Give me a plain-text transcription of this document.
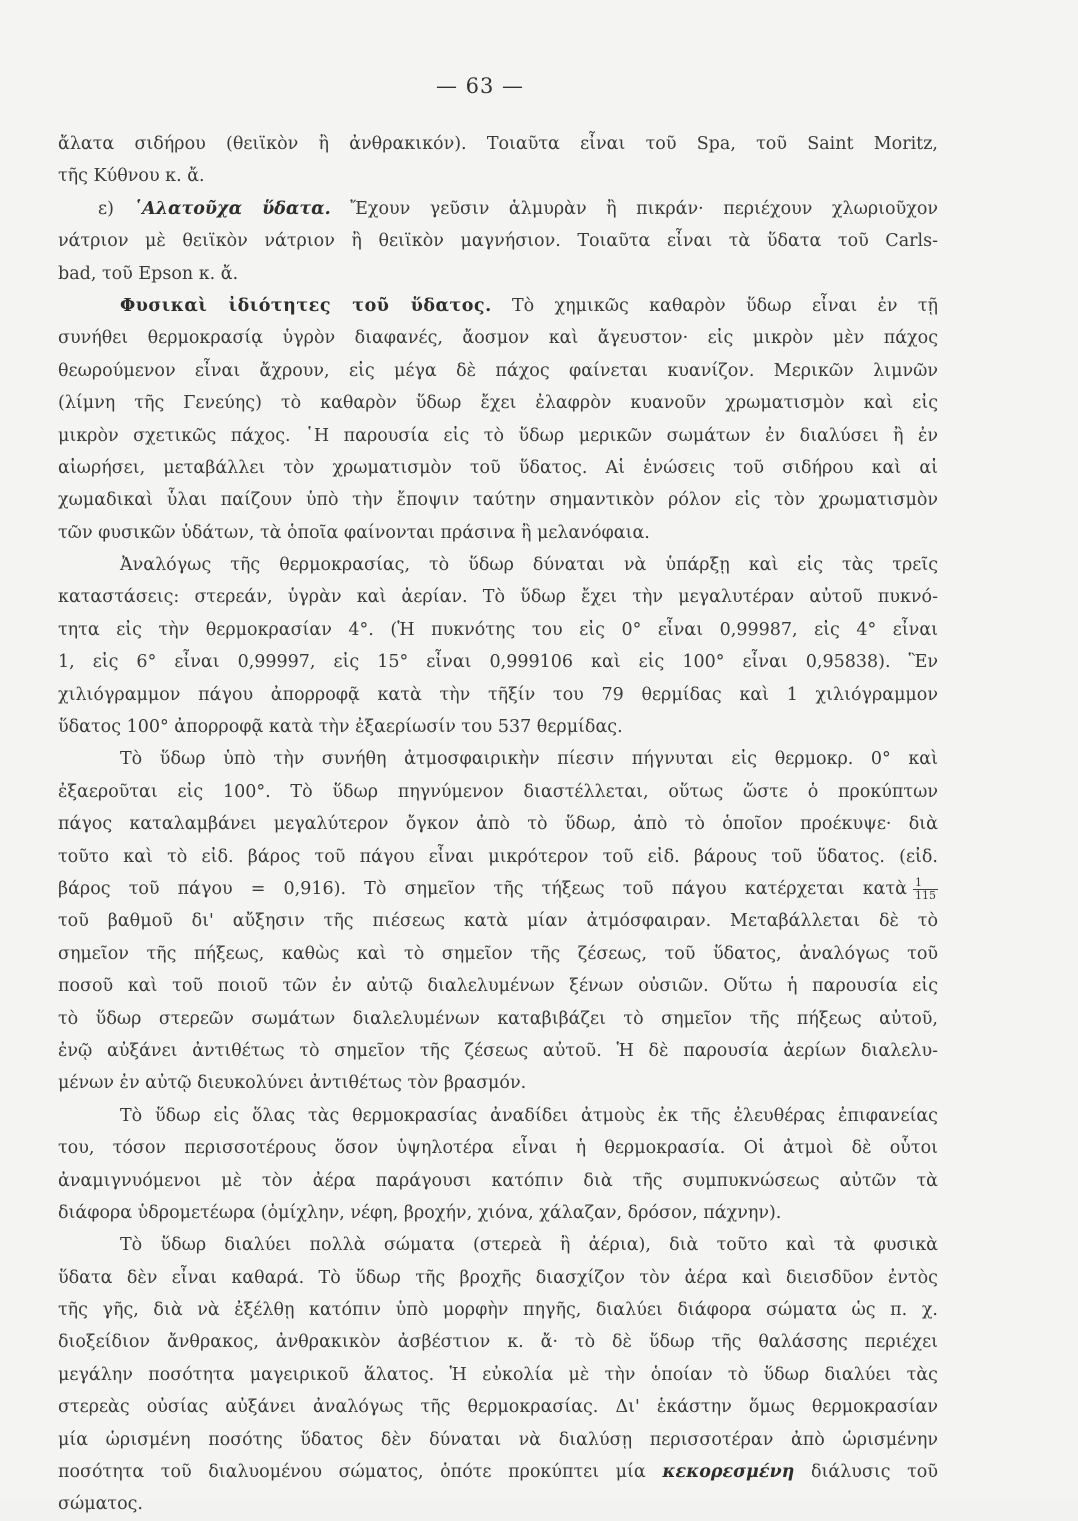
— 63 —
ἄλατα σιδήρου (θειϊκὸν ἢ ἀνθρακικόν). Τοιαῦτα εἶναι τοῦ Spa, τοῦ Saint Moritz,
τῆς Κύθνου κ. ἄ.
ε) ῾Αλατοῦχα ὕδατα. Ἔχουν γεῦσιν ἁλμυρὰν ἢ πικράν· περιέχουν χλωριοῦχον
νάτριον μὲ θειϊκὸν νάτριον ἢ θειϊκὸν μαγνήσιον. Τοιαῦτα εἶναι τὰ ὕδατα τοῦ Carls-
bad, τοῦ Epson κ. ἄ.
Φυσικαὶ ἰδιότητες τοῦ ὕδατος. Τὸ χημικῶς καθαρὸν ὕδωρ εἶναι ἐν τῇ
συνήθει θερμοκρασίᾳ ὑγρὸν διαφανές, ἄοσμον καὶ ἄγευστον· εἰς μικρὸν μὲν πάχος
θεωρούμενον εἶναι ἄχρουν, εἰς μέγα δὲ πάχος φαίνεται κυανίζον. Μερικῶν λιμνῶν
(λίμνη τῆς Γενεύης) τὸ καθαρὸν ὕδωρ ἔχει ἐλαφρὸν κυανοῦν χρωματισμὸν καὶ εἰς
μικρὸν σχετικῶς πάχος. ῾Η παρουσία εἰς τὸ ὕδωρ μερικῶν σωμάτων ἐν διαλύσει ἢ ἐν
αἰωρήσει, μεταβάλλει τὸν χρωματισμὸν τοῦ ὕδατος. Αἱ ἑνώσεις τοῦ σιδήρου καὶ αἱ
χωμαδικαὶ ὗλαι παίζουν ὑπὸ τὴν ἔποψιν ταύτην σημαντικὸν ρόλον εἰς τὸν χρωματισμὸν
τῶν φυσικῶν ὑδάτων, τὰ ὁποῖα φαίνονται πράσινα ἢ μελανόφαια.
Ἀναλόγως τῆς θερμοκρασίας, τὸ ὕδωρ δύναται νὰ ὑπάρξῃ καὶ εἰς τὰς τρεῖς
καταστάσεις: στερεάν, ὑγρὰν καὶ ἀερίαν. Τὸ ὕδωρ ἔχει τὴν μεγαλυτέραν αὐτοῦ πυκνό-
τητα εἰς τὴν θερμοκρασίαν 4°. (Ἡ πυκνότης του εἰς 0° εἶναι 0,99987, εἰς 4° εἶναι
1, εἰς 6° εἶναι 0,99997, εἰς 15° εἶναι 0,999106 καὶ εἰς 100° εἶναι 0,95838). Ἓν
χιλιόγραμμον πάγου ἀπορροφᾷ κατὰ τὴν τῆξίν του 79 θερμίδας καὶ 1 χιλιόγραμμον
ὕδατος 100° ἀπορροφᾷ κατὰ τὴν ἐξαερίωσίν του 537 θερμίδας.
Τὸ ὕδωρ ὑπὸ τὴν συνήθη ἀτμοσφαιρικὴν πίεσιν πήγνυται εἰς θερμοκρ. 0° καὶ
ἐξαεροῦται εἰς 100°. Τὸ ὕδωρ πηγνύμενον διαστέλλεται, οὕτως ὥστε ὁ προκύπτων
πάγος καταλαμβάνει μεγαλύτερον ὄγκον ἀπὸ τὸ ὕδωρ, ἀπὸ τὸ ὁποῖον προέκυψε· διὰ
τοῦτο καὶ τὸ εἰδ. βάρος τοῦ πάγου εἶναι μικρότερον τοῦ εἰδ. βάρους τοῦ ὕδατος. (εἰδ.
βάρος τοῦ πάγου = 0,916). Τὸ σημεῖον τῆς τήξεως τοῦ πάγου κατέρχεται κατὰ $\frac{1}{115}$
τοῦ βαθμοῦ δι' αὔξησιν τῆς πιέσεως κατὰ μίαν ἀτμόσφαιραν. Μεταβάλλεται δὲ τὸ
σημεῖον τῆς πήξεως, καθὼς καὶ τὸ σημεῖον τῆς ζέσεως, τοῦ ὕδατος, ἀναλόγως τοῦ
ποσοῦ καὶ τοῦ ποιοῦ τῶν ἐν αὐτῷ διαλελυμένων ξένων οὐσιῶν. Οὕτω ἡ παρουσία εἰς
τὸ ὕδωρ στερεῶν σωμάτων διαλελυμένων καταβιβάζει τὸ σημεῖον τῆς πήξεως αὐτοῦ,
ἐνῷ αὐξάνει ἀντιθέτως τὸ σημεῖον τῆς ζέσεως αὐτοῦ. Ἡ δὲ παρουσία ἀερίων διαλελυ-
μένων ἐν αὐτῷ διευκολύνει ἀντιθέτως τὸν βρασμόν.
Τὸ ὕδωρ εἰς ὅλας τὰς θερμοκρασίας ἀναδίδει ἀτμοὺς ἐκ τῆς ἐλευθέρας ἐπιφανείας
του, τόσον περισσοτέρους ὅσον ὑψηλοτέρα εἶναι ἡ θερμοκρασία. Οἱ ἀτμοὶ δὲ οὗτοι
ἀναμιγνυόμενοι μὲ τὸν ἀέρα παράγουσι κατόπιν διὰ τῆς συμπυκνώσεως αὐτῶν τὰ
διάφορα ὑδρομετέωρα (ὁμίχλην, νέφη, βροχήν, χιόνα, χάλαζαν, δρόσον, πάχνην).
Τὸ ὕδωρ διαλύει πολλὰ σώματα (στερεὰ ἢ ἀέρια), διὰ τοῦτο καὶ τὰ φυσικὰ
ὕδατα δὲν εἶναι καθαρά. Τὸ ὕδωρ τῆς βροχῆς διασχίζον τὸν ἀέρα καὶ διεισδῦον ἐντὸς
τῆς γῆς, διὰ νὰ ἐξέλθῃ κατόπιν ὑπὸ μορφὴν πηγῆς, διαλύει διάφορα σώματα ὡς π. χ.
διοξείδιον ἄνθρακος, ἀνθρακικὸν ἀσβέστιον κ. ἄ· τὸ δὲ ὕδωρ τῆς θαλάσσης περιέχει
μεγάλην ποσότητα μαγειρικοῦ ἅλατος. Ἡ εὐκολία μὲ τὴν ὁποίαν τὸ ὕδωρ διαλύει τὰς
στερεὰς οὐσίας αὐξάνει ἀναλόγως τῆς θερμοκρασίας. Δι' ἑκάστην ὅμως θερμοκρασίαν
μία ὡρισμένη ποσότης ὕδατος δὲν δύναται νὰ διαλύσῃ περισσοτέραν ἀπὸ ὡρισμένην
ποσότητα τοῦ διαλυομένου σώματος, ὁπότε προκύπτει μία κεκορεσμένη διάλυσις τοῦ
σώματος.
